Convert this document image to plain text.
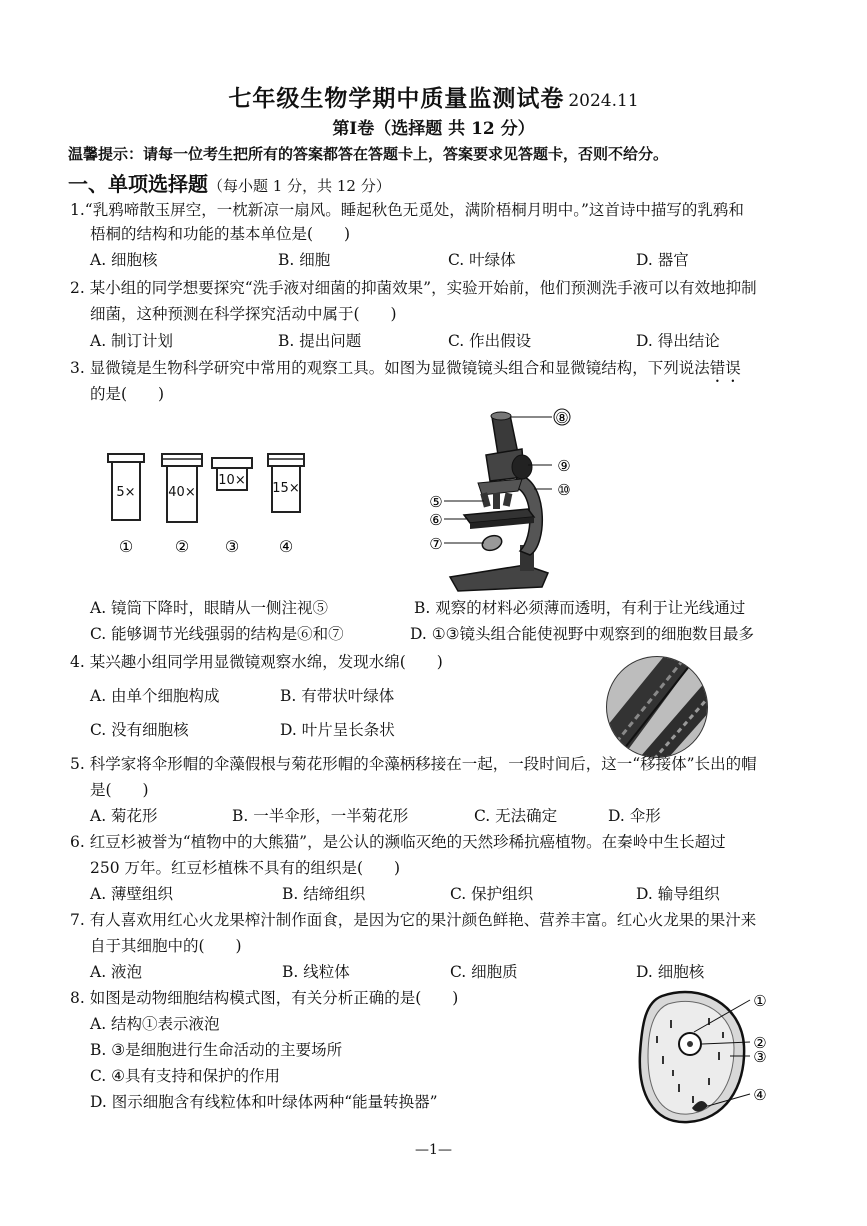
七年级生物学期中质量监测试卷 2024.11
第Ⅰ卷（选择题 共 12 分）
温馨提示：请每一位考生把所有的答案都答在答题卡上，答案要求见答题卡，否则不给分。
一、单项选择题（每小题 1 分，共 12 分）
1.“乳鸦啼散玉屏空，一枕新凉一扇风。睡起秋色无觅处，满阶梧桐月明中。”这首诗中描写的乳鸦和
梧桐的结构和功能的基本单位是(　　)
A. 细胞核	B. 细胞	C. 叶绿体	D. 器官
2. 某小组的同学想要探究“洗手液对细菌的抑菌效果”，实验开始前，他们预测洗手液可以有效地抑制
细菌，这种预测在科学探究活动中属于(　　)
A. 制订计划	B. 提出问题	C. 作出假设	D. 得出结论
3. 显微镜是生物科学研究中常用的观察工具。如图为显微镜镜头组合和显微镜结构，下列说法错误
的是(　　)
5×	40×
10×
15×
①	② ③ ④
⑧
⑨
⑩
⑤
⑥
⑦
A. 镜筒下降时，眼睛从一侧注视⑤	B. 观察的材料必须薄而透明，有利于让光线通过
C. 能够调节光线强弱的结构是⑥和⑦	D. ①③镜头组合能使视野中观察到的细胞数目最多
4. 某兴趣小组同学用显微镜观察水绵，发现水绵(　　)
A. 由单个细胞构成	B. 有带状叶绿体
C. 没有细胞核	D. 叶片呈长条状
5. 科学家将伞形帽的伞藻假根与菊花形帽的伞藻柄移接在一起，一段时间后，这一“移接体”长出的帽
是(　　)
A. 菊花形	B. 一半伞形，一半菊花形	C. 无法确定	D. 伞形
6. 红豆杉被誉为“植物中的大熊猫”，是公认的濒临灭绝的天然珍稀抗癌植物。在秦岭中生长超过
250 万年。红豆杉植株不具有的组织是(　　)
A. 薄壁组织	B. 结缔组织	C. 保护组织	D. 输导组织
7. 有人喜欢用红心火龙果榨汁制作面食，是因为它的果汁颜色鲜艳、营养丰富。红心火龙果的果汁来
自于其细胞中的(　　)
A. 液泡	B. 线粒体	C. 细胞质	D. 细胞核
8. 如图是动物细胞结构模式图，有关分析正确的是(　　)
A. 结构①表示液泡
B. ③是细胞进行生命活动的主要场所
C. ④具有支持和保护的作用
D. 图示细胞含有线粒体和叶绿体两种“能量转换器”
①
②
③
④
—1—
